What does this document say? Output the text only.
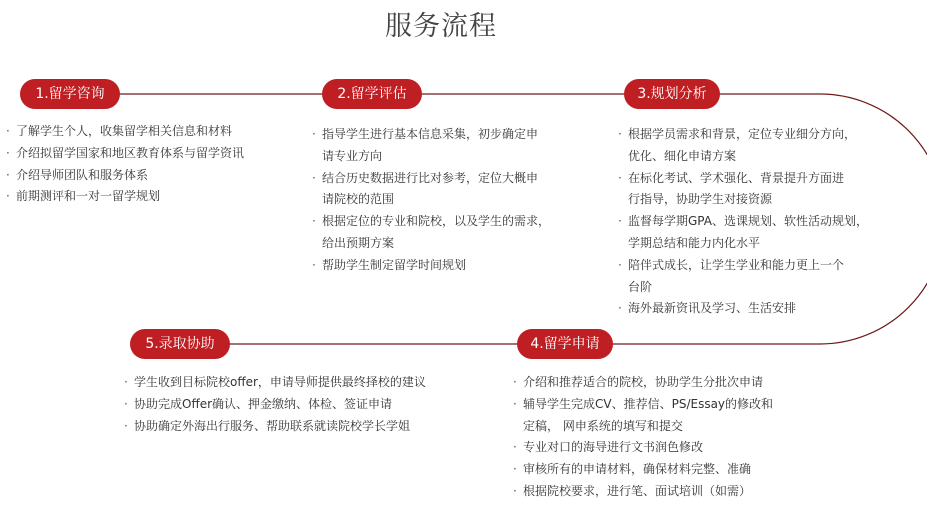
服务流程
1.留学咨询
· 了解学生个人，收集留学相关信息和材料
· 介绍拟留学国家和地区教育体系与留学资讯
· 介绍导师团队和服务体系
· 前期测评和一对一留学规划
2.留学评估
· 指导学生进行基本信息采集，初步确定申
请专业方向
· 结合历史数据进行比对参考，定位大概申
请院校的范围
· 根据定位的专业和院校，以及学生的需求，
给出预期方案
· 帮助学生制定留学时间规划
3.规划分析
· 根据学员需求和背景，定位专业细分方向，
优化、细化申请方案
· 在标化考试、学术强化、背景提升方面进
行指导，协助学生对接资源
· 监督每学期GPA、选课规划、软性活动规划，
学期总结和能力内化水平
· 陪伴式成长，让学生学业和能力更上一个
台阶
· 海外最新资讯及学习、生活安排
5.录取协助
· 学生收到目标院校offer，申请导师提供最终择校的建议
· 协助完成Offer确认、押金缴纳、体检、签证申请
· 协助确定外海出行服务、帮助联系就读院校学长学姐
4.留学申请
· 介绍和推荐适合的院校，协助学生分批次申请
· 辅导学生完成CV、推荐信、PS/Essay的修改和
定稿， 网申系统的填写和提交
· 专业对口的海导进行文书润色修改
· 审核所有的申请材料，确保材料完整、准确
· 根据院校要求，进行笔、面试培训（如需）
